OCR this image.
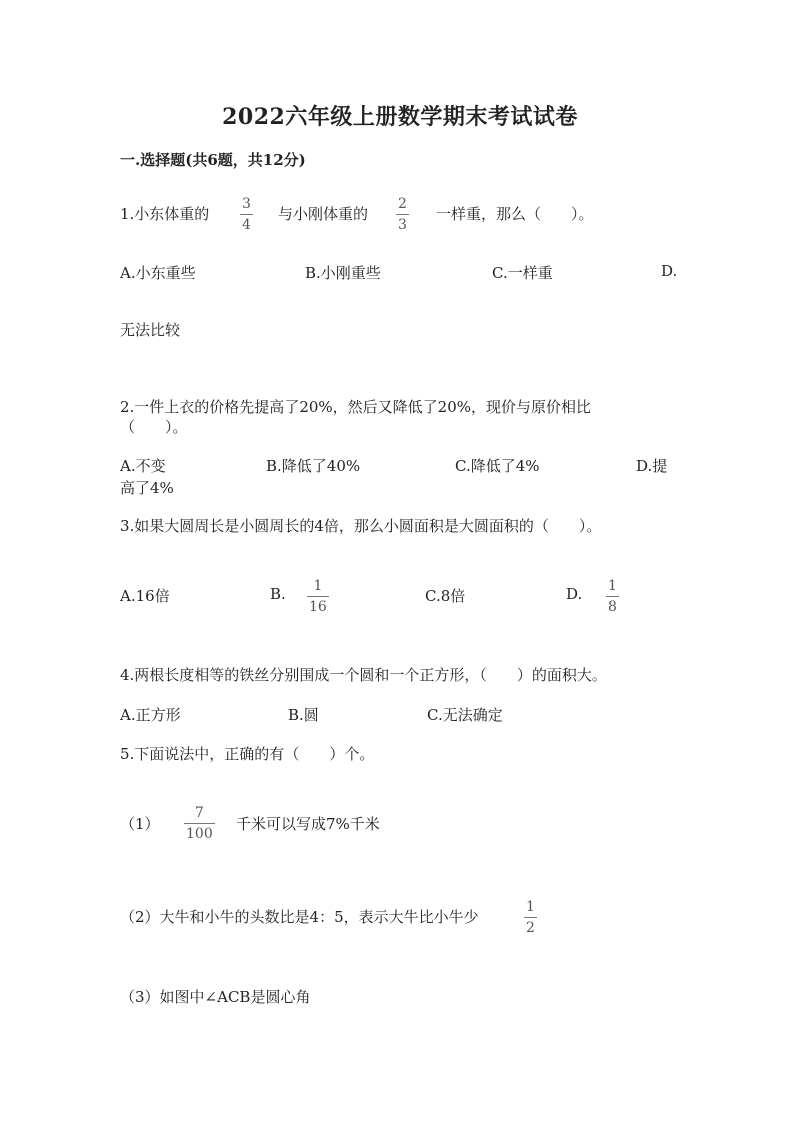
2022六年级上册数学期末考试试卷
一.选择题(共6题，共12分)
1.小东体重的
3
4
与小刚体重的
2
3
一样重，那么（　　）。
A.小东重些	B.小刚重些	C.一样重	D.
无法比较
2.一件上衣的价格先提高了20%，然后又降低了20%，现价与原价相比
（　　）。
A.不变	B.降低了40%	C.降低了4%	D.提
高了4%
3.如果大圆周长是小圆周长的4倍，那么小圆面积是大圆面积的（　　）。
A.16倍	B. 1
16
C.8倍	D. 1
8
4.两根长度相等的铁丝分别围成一个圆和一个正方形，（　　）的面积大。
A.正方形	B.圆	C.无法确定
5.下面说法中，正确的有（　　）个。
（1）
7
100
千米可以写成7%千米
（2）大牛和小牛的头数比是4：5，表示大牛比小牛少
1
2
（3）如图中∠ACB是圆心角
